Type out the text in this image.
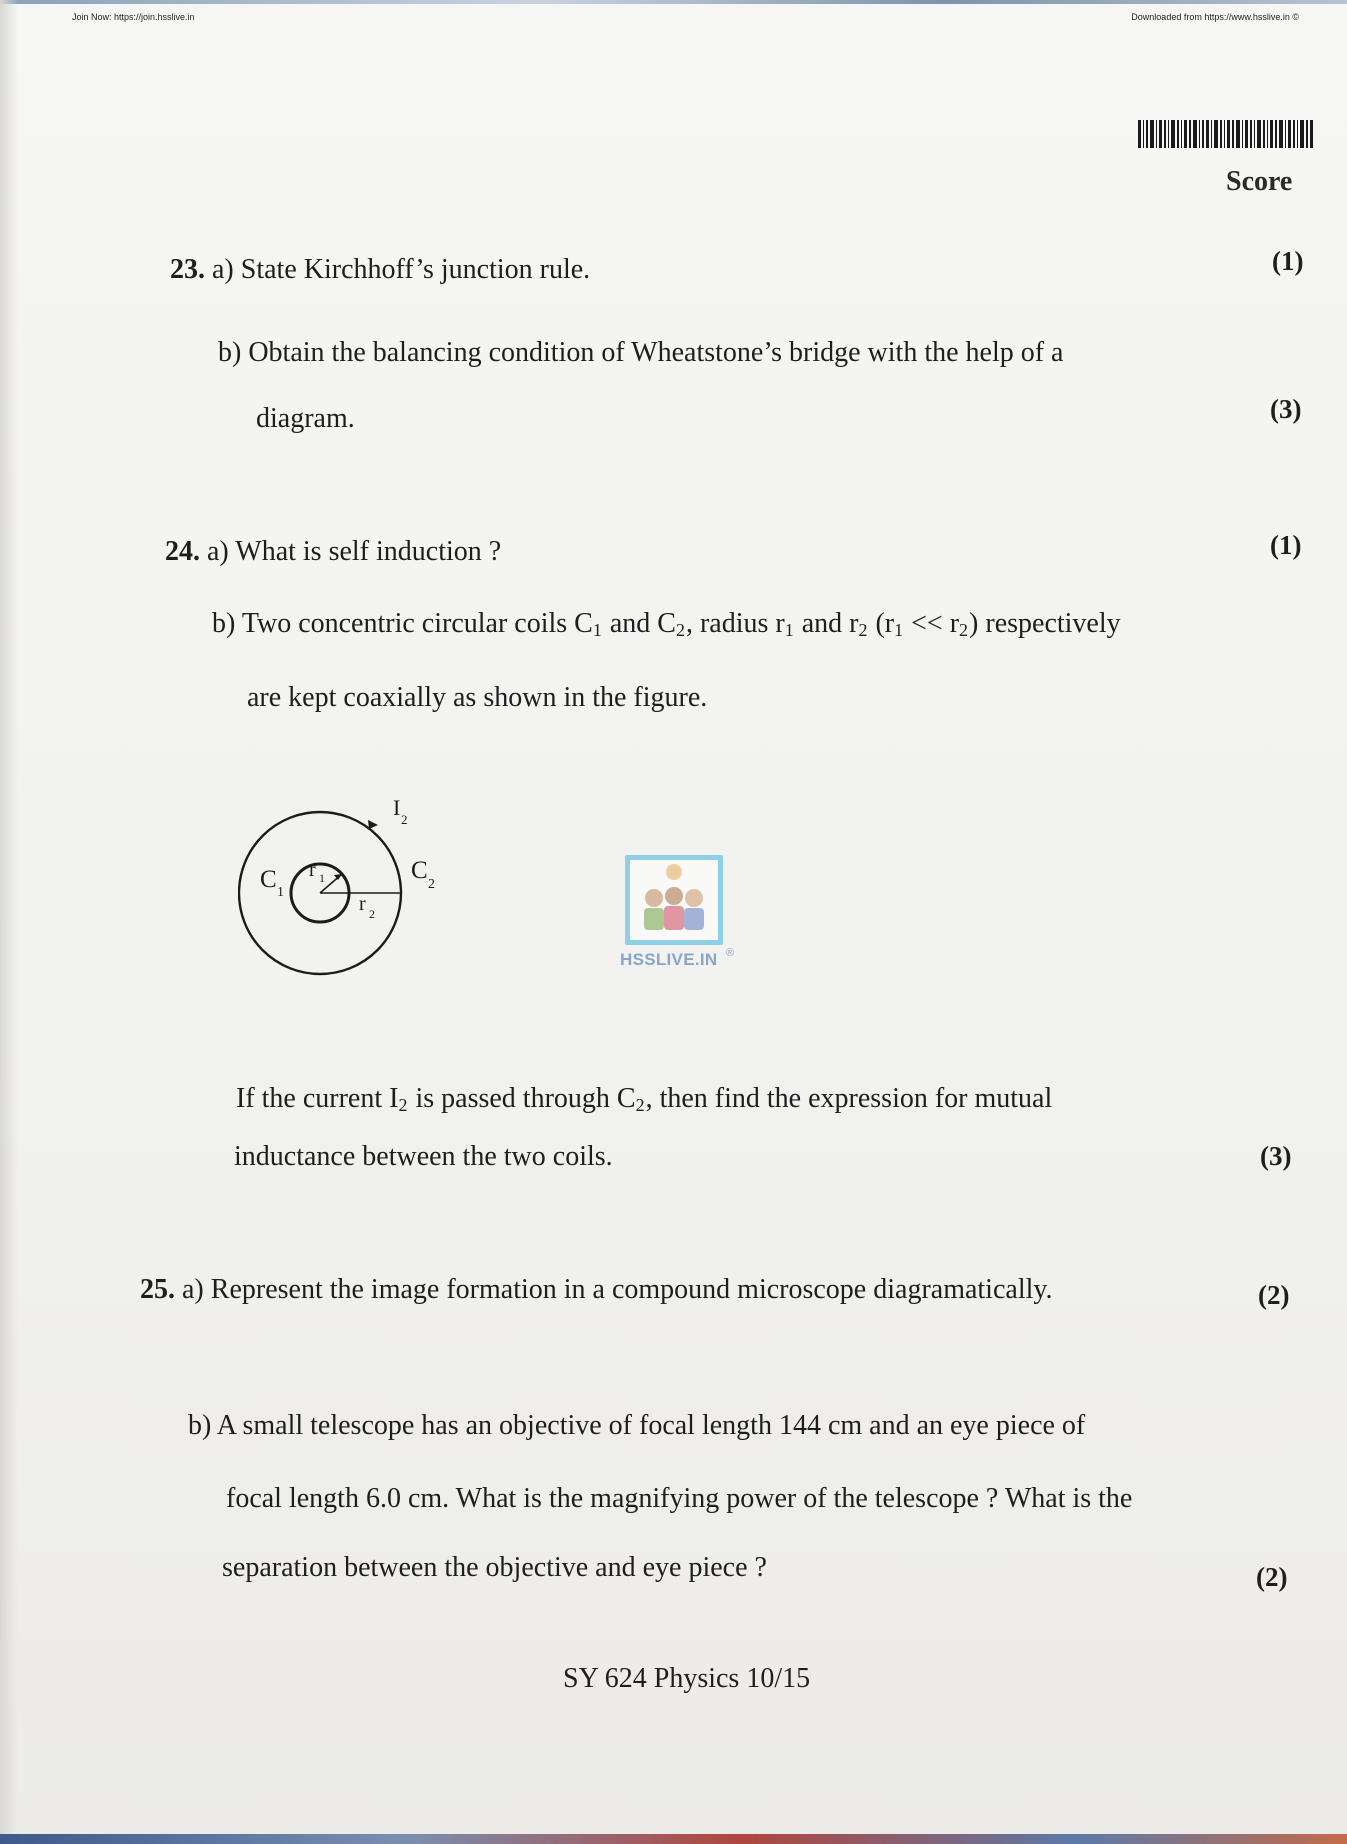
Join Now: https://join.hsslive.in	Downloaded from https://www.hsslive.in ©
Score
23. a) State Kirchhoff’s junction rule.	(1)
b) Obtain the balancing condition of Wheatstone’s bridge with the help of a
diagram.	(3)
24. a) What is self induction ?	(1)
b) Two concentric circular coils $C_1$ and $C_2$, radius $r_1$ and $r_2$ $(r_1 << r_2)$ respectively
are kept coaxially as shown in the figure.
C 1
r 1
r 2
I 2
C
2
HSSLIVE.IN ®
If the current $I_2$ is passed through $C_2$, then find the expression for mutual
inductance between the two coils.	(3)
25. a) Represent the image formation in a compound microscope diagramatically.	(2)
b) A small telescope has an objective of focal length 144 cm and an eye piece of
focal length 6.0 cm. What is the magnifying power of the telescope ? What is the
separation between the objective and eye piece ?	(2)
SY 624 Physics 10/15
